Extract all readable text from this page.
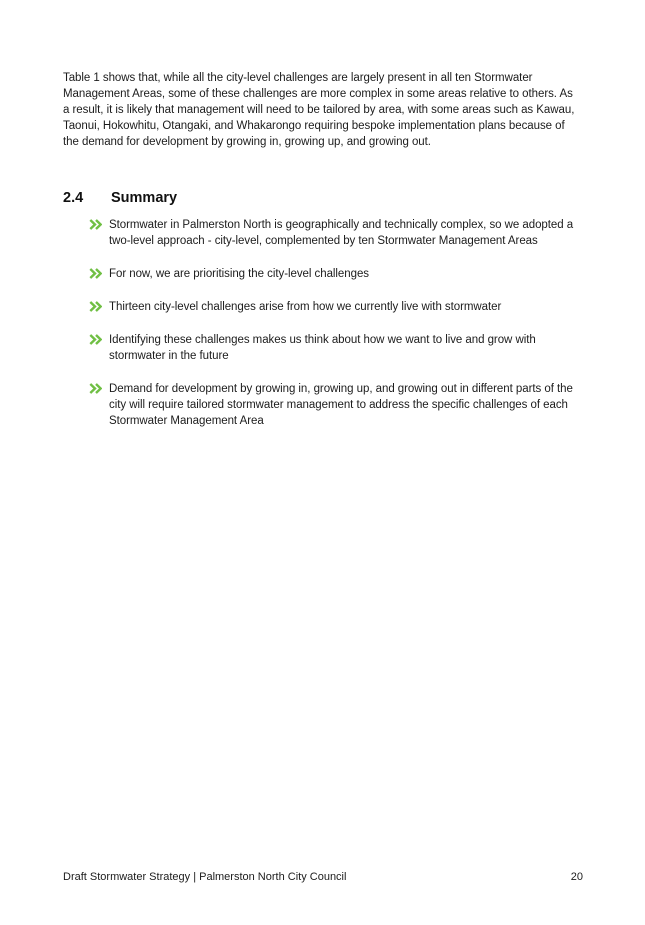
Table 1 shows that, while all the city-level challenges are largely present in all ten Stormwater Management Areas, some of these challenges are more complex in some areas relative to others. As a result, it is likely that management will need to be tailored by area, with some areas such as Kawau, Taonui, Hokowhitu, Otangaki, and Whakarongo requiring bespoke implementation plans because of the demand for development by growing in, growing up, and growing out.

2.4 Summary
Stormwater in Palmerston North is geographically and technically complex, so we adopted a two-level approach - city-level, complemented by ten Stormwater Management Areas
For now, we are prioritising the city-level challenges
Thirteen city-level challenges arise from how we currently live with stormwater
Identifying these challenges makes us think about how we want to live and grow with stormwater in the future
Demand for development by growing in, growing up, and growing out in different parts of the city will require tailored stormwater management to address the specific challenges of each Stormwater Management Area
Draft Stormwater Strategy | Palmerston North City Council	20
